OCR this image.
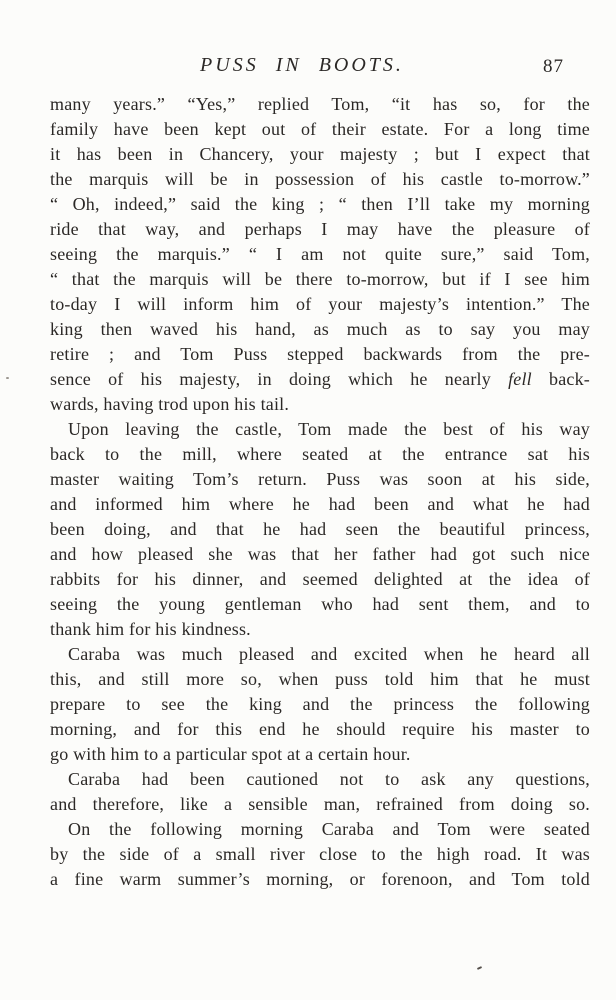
PUSS IN BOOTS.	87
many years.” “Yes,” replied Tom, “it has so, for the
family have been kept out of their estate. For a long time
it has been in Chancery, your majesty ; but I expect that
the marquis will be in possession of his castle to-morrow.”
“ Oh, indeed,” said the king ; “ then I’ll take my morning
ride that way, and perhaps I may have the pleasure of
seeing the marquis.” “ I am not quite sure,” said Tom,
“ that the marquis will be there to-morrow, but if I see him
to-day I will inform him of your majesty’s intention.” The
king then waved his hand, as much as to say you may
retire ; and Tom Puss stepped backwards from the pre-
sence of his majesty, in doing which he nearly fell back-
wards, having trod upon his tail.
Upon leaving the castle, Tom made the best of his way
back to the mill, where seated at the entrance sat his
master waiting Tom’s return. Puss was soon at his side,
and informed him where he had been and what he had
been doing, and that he had seen the beautiful princess,
and how pleased she was that her father had got such nice
rabbits for his dinner, and seemed delighted at the idea of
seeing the young gentleman who had sent them, and to
thank him for his kindness.
Caraba was much pleased and excited when he heard all
this, and still more so, when puss told him that he must
prepare to see the king and the princess the following
morning, and for this end he should require his master to
go with him to a particular spot at a certain hour.
Caraba had been cautioned not to ask any questions,
and therefore, like a sensible man, refrained from doing so.
On the following morning Caraba and Tom were seated
by the side of a small river close to the high road. It was
a fine warm summer’s morning, or forenoon, and Tom told
